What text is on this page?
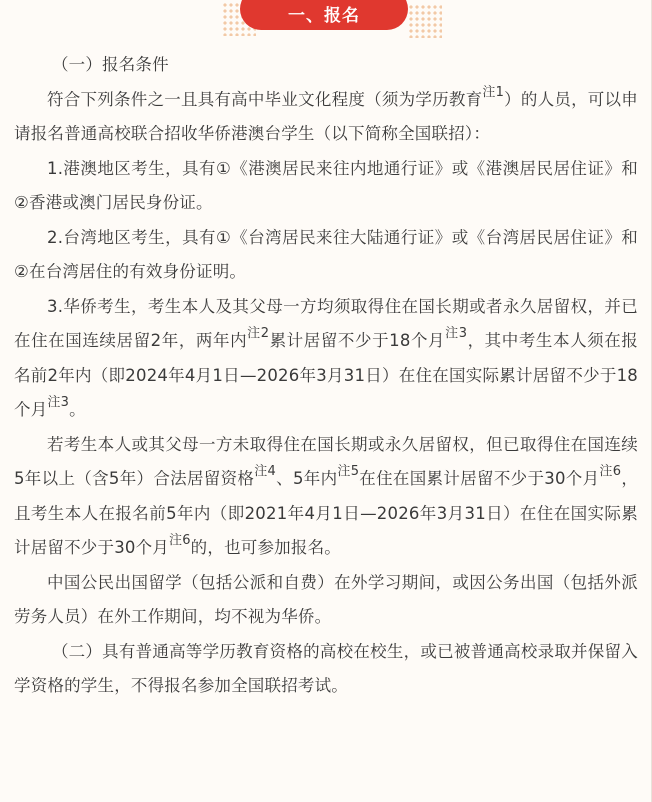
一、报名

（一）报名条件

符合下列条件之一且具有高中毕业文化程度（须为学历教育$^{注1}$）的人员，可以申请报名普通高校联合招收华侨港澳台学生（以下简称全国联招）：

1.港澳地区考生，具有①《港澳居民来往内地通行证》或《港澳居民居住证》和②香港或澳门居民身份证。

2.台湾地区考生，具有①《台湾居民来往大陆通行证》或《台湾居民居住证》和②在台湾居住的有效身份证明。

3.华侨考生，考生本人及其父母一方均须取得住在国长期或者永久居留权，并已在住在国连续居留2年，两年内$^{注2}$累计居留不少于18个月$^{注3}$，其中考生本人须在报名前2年内（即2024年4月1日—2026年3月31日）在住在国实际累计居留不少于18个月$^{注3}$。

若考生本人或其父母一方未取得住在国长期或永久居留权，但已取得住在国连续5年以上（含5年）合法居留资格$^{注4}$、5年内$^{注5}$在住在国累计居留不少于30个月$^{注6}$，且考生本人在报名前5年内（即2021年4月1日—2026年3月31日）在住在国实际累计居留不少于30个月$^{注6}$的，也可参加报名。

中国公民出国留学（包括公派和自费）在外学习期间，或因公务出国（包括外派劳务人员）在外工作期间，均不视为华侨。

（二）具有普通高等学历教育资格的高校在校生，或已被普通高校录取并保留入学资格的学生，不得报名参加全国联招考试。
